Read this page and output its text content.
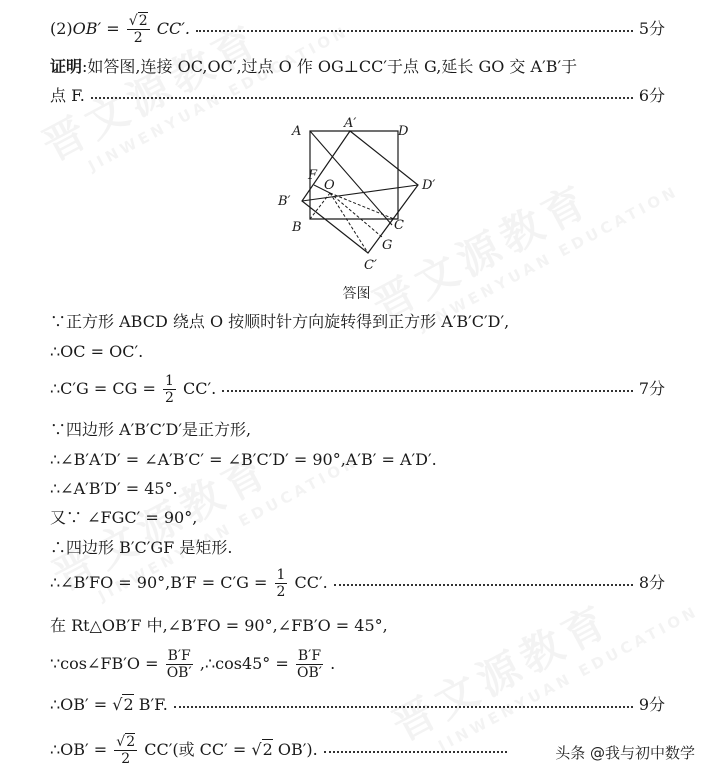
$(2)OB' = \frac{√2}{2} CC'$.	5分
证明:如答图,连接 OC,OC′,过点 O 作 OG⊥CC′于点 G,延长 GO 交 A′B′于
点 F.	6分
A
A′
D
F
O	D′
B′
B	C
G
C′
答图
∵正方形 ABCD 绕点 O 按顺时针方向旋转得到正方形 A′B′C′D′,
∴OC = OC′.
∴C′G = CG = $\frac{1}{2} CC'$.	7分
∵四边形 A′B′C′D′是正方形,
∴∠B′A′D′ = ∠A′B′C′ = ∠B′C′D′ = 90°,A′B′ = A′D′.
∴∠A′B′D′ = 45°.
又∵ ∠FGC′ = 90°,
∴四边形 B′C′GF 是矩形.
∴∠B′FO = $90^\circ,B'F = C'G = \frac{1}{2} CC'$.	8分
在 Rt△OB′F 中,∠B′FO = 90°,∠FB′O = 45°,
∵cos∠FB′O = $\frac{B'F}{OB'}$ ,∴cos45° = $\frac{B'F}{OB'}$ .
∴OB′ = √2 B′F.	9分
∴OB′ = $\frac{√2}{2} CC'$(或 CC′ = √2 OB′).	头条 @我与初中数学
